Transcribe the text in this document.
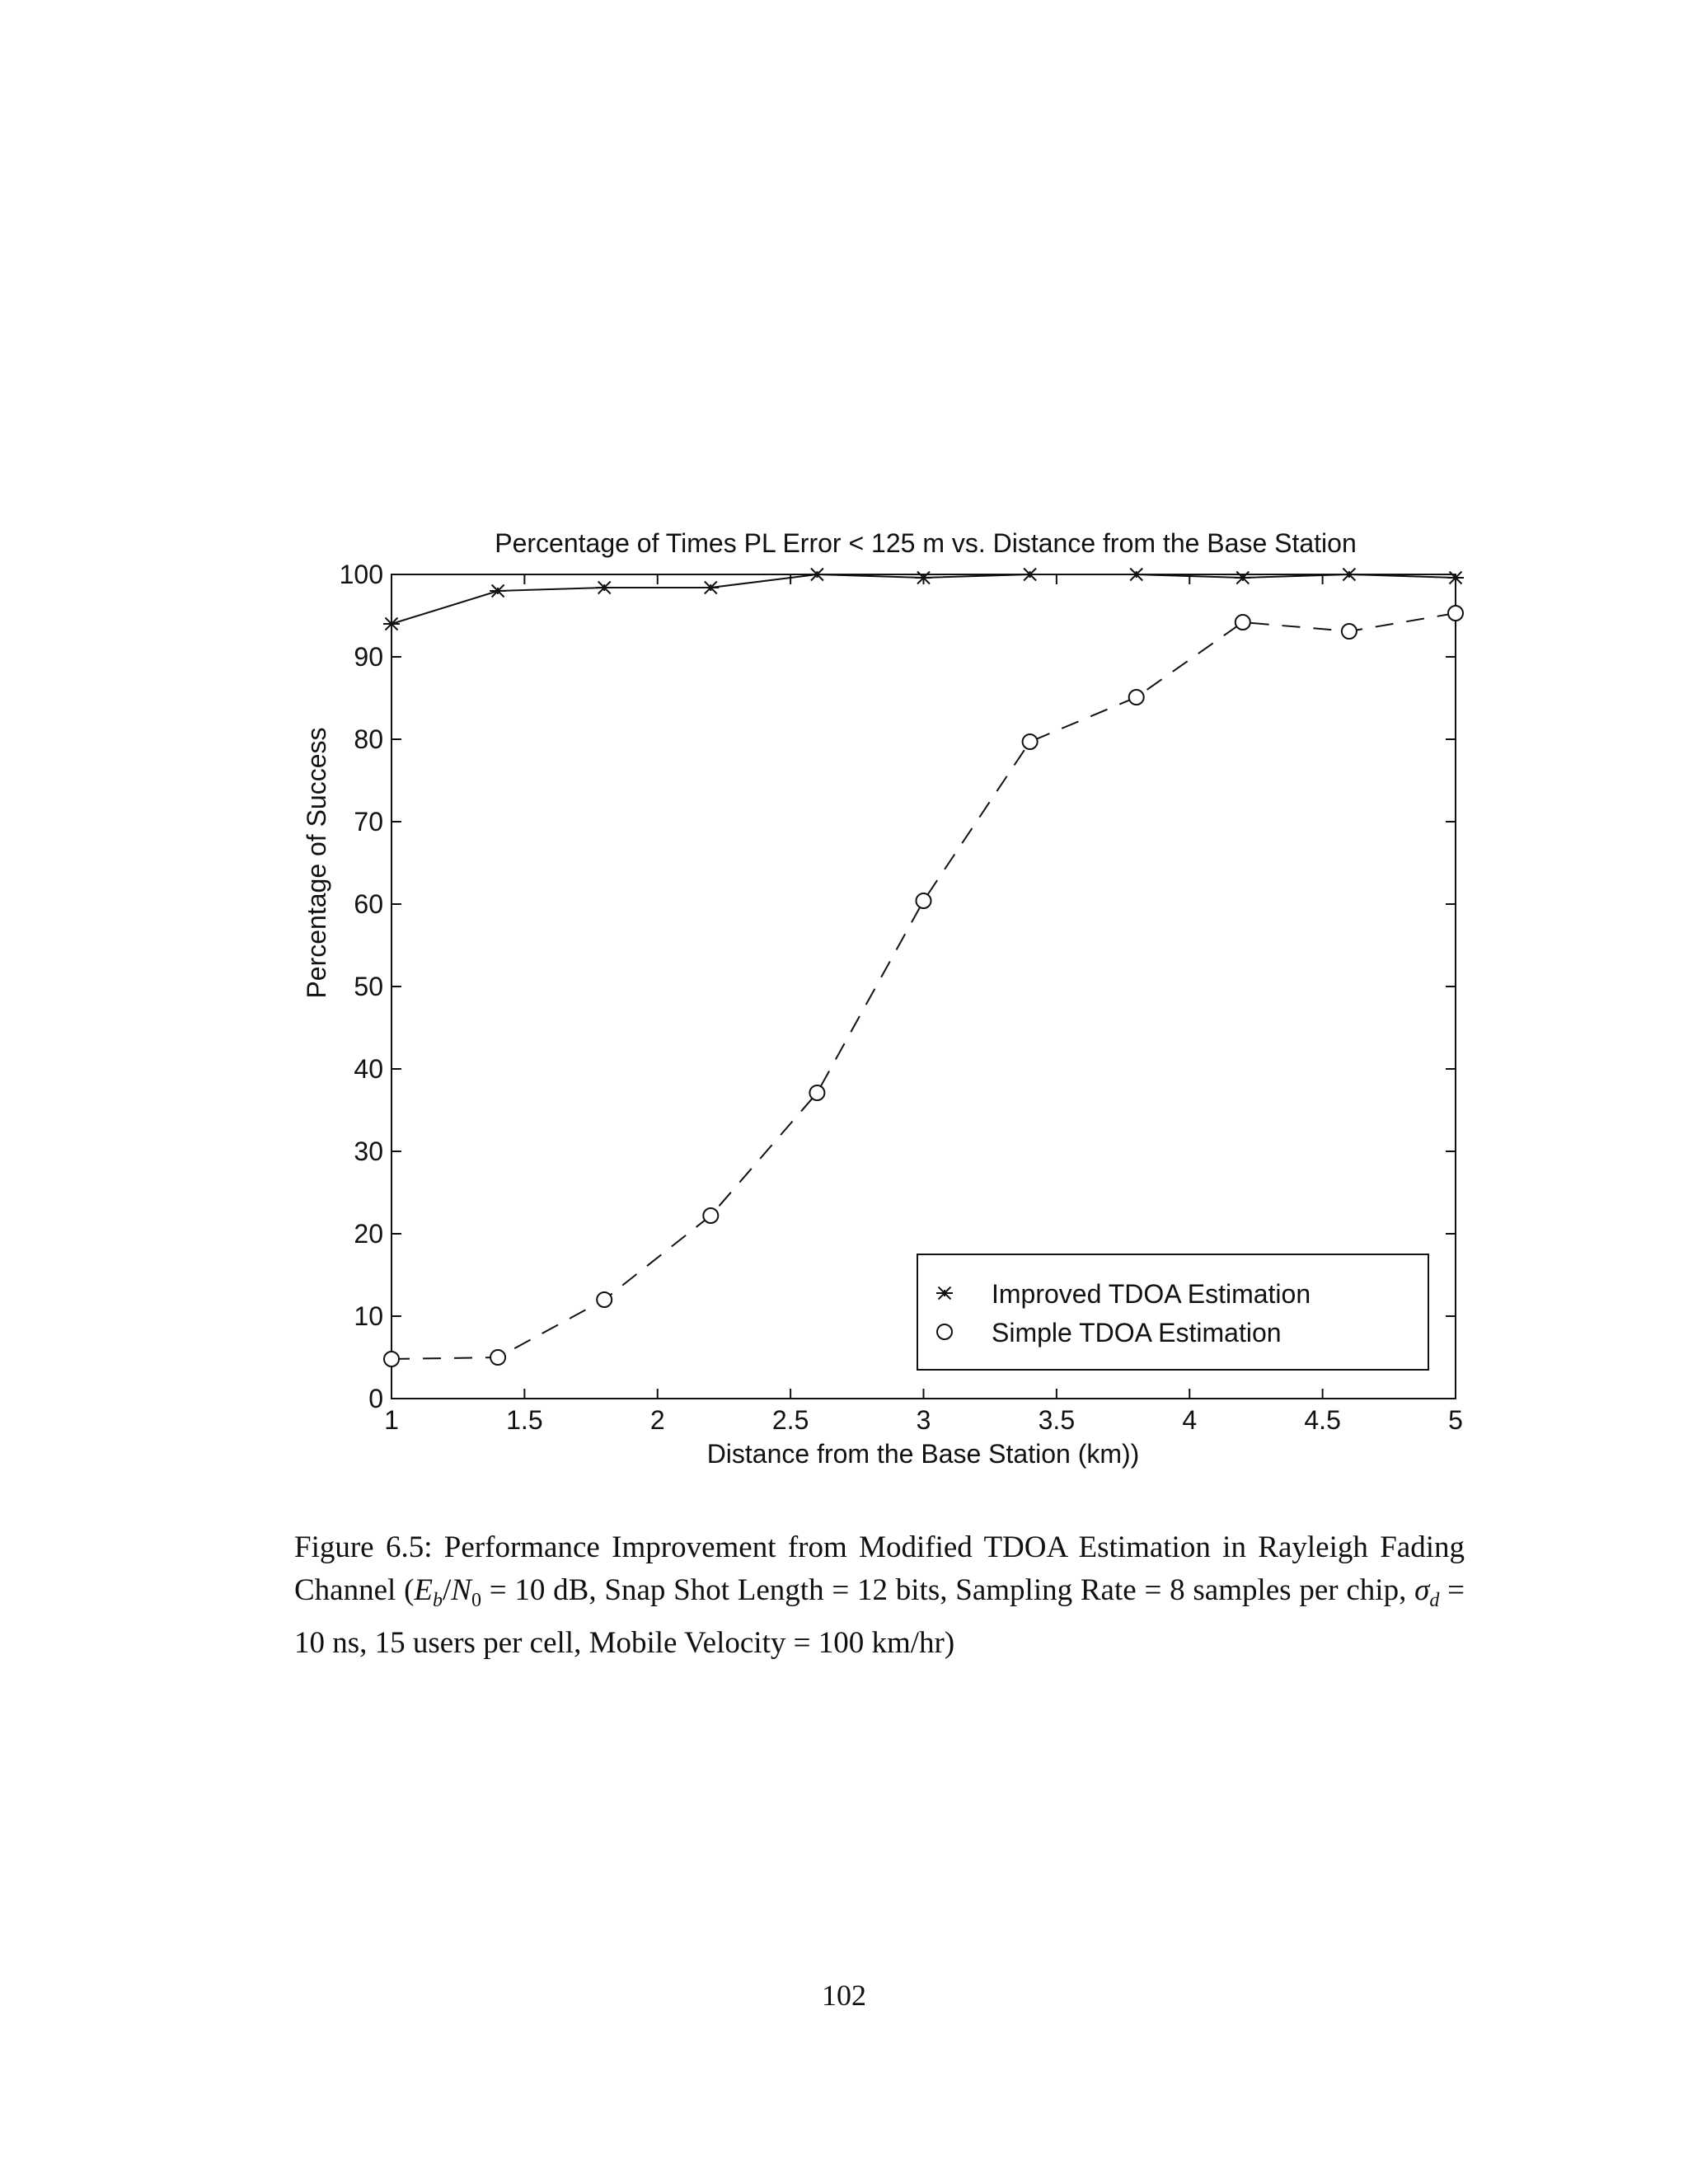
Percentage of Times PL Error < 125 m vs. Distance from the Base Station
1	1.5	2	2.5	3	3.5	4	4.5	5
0
10
20
30
40
50
60
70
80
90
100
Distance from the Base Station (km))
Percentage of Success
Improved TDOA Estimation
Simple TDOA Estimation

Figure 6.5: Performance Improvement from Modified TDOA Estimation in Rayleigh Fading Channel ($E_b/N_0 = 10$ dB, Snap Shot Length = 12 bits, Sampling Rate = 8 samples per chip, $\sigma_d = 10$ ns, 15 users per cell, Mobile Velocity = 100 km/hr)

102
